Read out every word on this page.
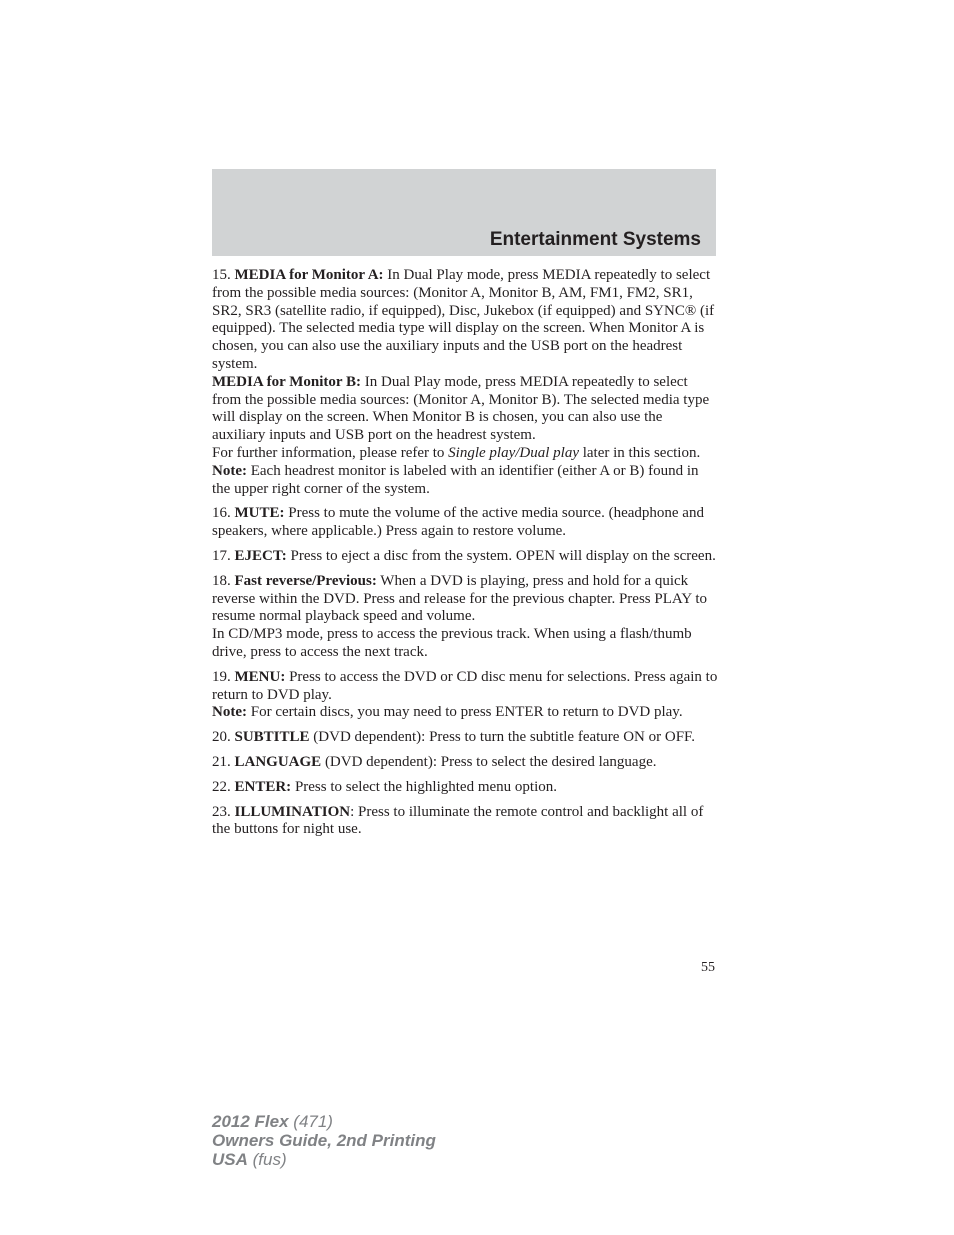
Entertainment Systems

15. MEDIA for Monitor A: In Dual Play mode, press MEDIA repeatedly to select from the possible media sources: (Monitor A, Monitor B, AM, FM1, FM2, SR1, SR2, SR3 (satellite radio, if equipped), Disc, Jukebox (if equipped) and SYNC® (if equipped). The selected media type will display on the screen. When Monitor A is chosen, you can also use the auxiliary inputs and the USB port on the headrest system.

MEDIA for Monitor B: In Dual Play mode, press MEDIA repeatedly to select from the possible media sources: (Monitor A, Monitor B). The selected media type will display on the screen. When Monitor B is chosen, you can also use the auxiliary inputs and USB port on the headrest system.

For further information, please refer to Single play/Dual play later in this section.

Note: Each headrest monitor is labeled with an identifier (either A or B) found in the upper right corner of the system.

16. MUTE: Press to mute the volume of the active media source. (headphone and speakers, where applicable.) Press again to restore volume.

17. EJECT: Press to eject a disc from the system. OPEN will display on the screen.

18. Fast reverse/Previous: When a DVD is playing, press and hold for a quick reverse within the DVD. Press and release for the previous chapter. Press PLAY to resume normal playback speed and volume.

In CD/MP3 mode, press to access the previous track. When using a flash/thumb drive, press to access the next track.

19. MENU: Press to access the DVD or CD disc menu for selections. Press again to return to DVD play.

Note: For certain discs, you may need to press ENTER to return to DVD play.

20. SUBTITLE (DVD dependent): Press to turn the subtitle feature ON or OFF.

21. LANGUAGE (DVD dependent): Press to select the desired language.

22. ENTER: Press to select the highlighted menu option.

23. ILLUMINATION: Press to illuminate the remote control and backlight all of the buttons for night use.

55
2012 Flex (471)
Owners Guide, 2nd Printing
USA (fus)
